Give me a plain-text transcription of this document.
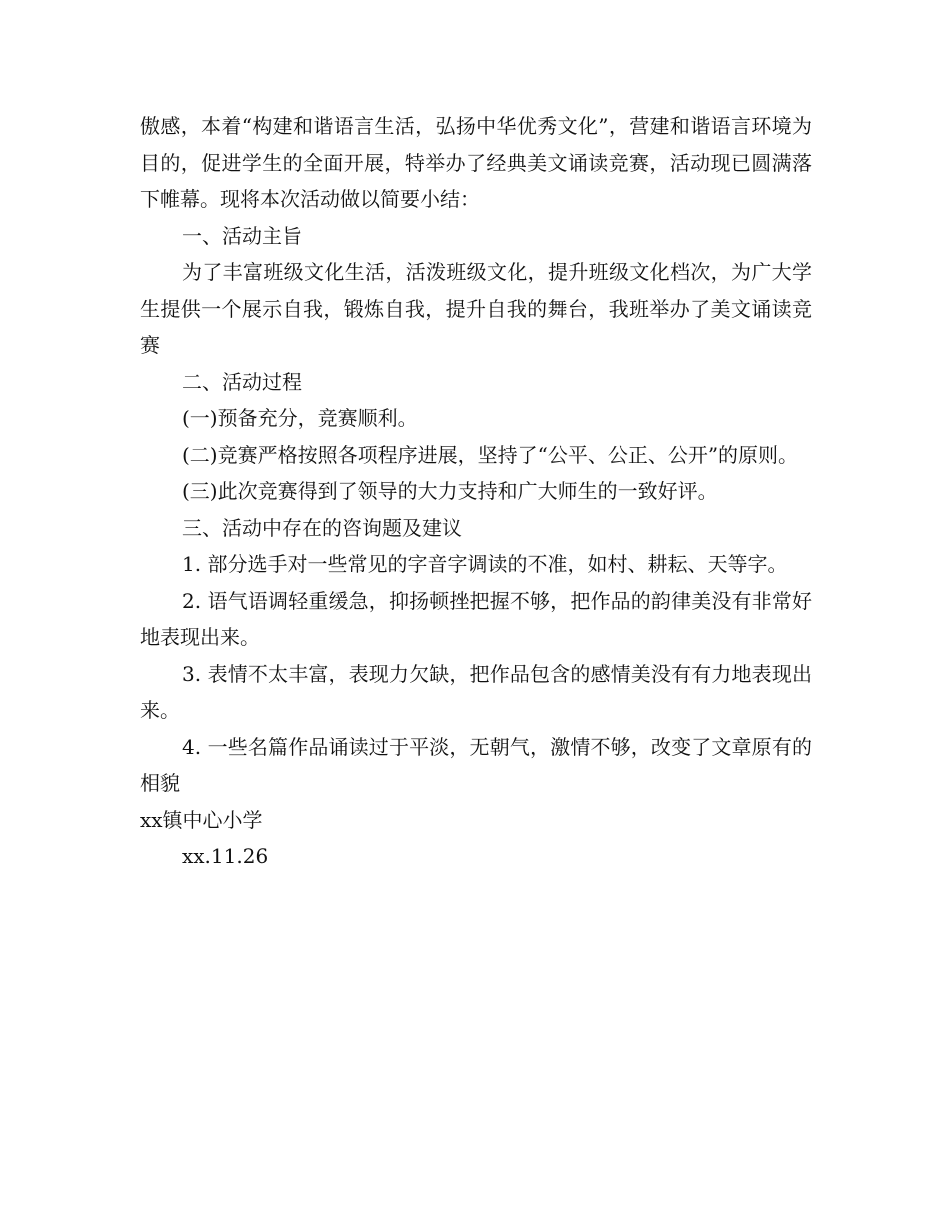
傲感，本着“构建和谐语言生活，弘扬中华优秀文化”，营建和谐语言环境为目的，促进学生的全面开展，特举办了经典美文诵读竞赛，活动现已圆满落下帷幕。现将本次活动做以简要小结：

一、活动主旨

为了丰富班级文化生活，活泼班级文化，提升班级文化档次，为广大学生提供一个展示自我，锻炼自我，提升自我的舞台，我班举办了美文诵读竞赛

二、活动过程

(一)预备充分，竞赛顺利。

(二)竞赛严格按照各项程序进展，坚持了“公平、公正、公开”的原则。

(三)此次竞赛得到了领导的大力支持和广大师生的一致好评。

三、活动中存在的咨询题及建议

1. 部分选手对一些常见的字音字调读的不准，如村、耕耘、天等字。

2. 语气语调轻重缓急，抑扬顿挫把握不够，把作品的韵律美没有非常好地表现出来。

3. 表情不太丰富，表现力欠缺，把作品包含的感情美没有有力地表现出来。

4. 一些名篇作品诵读过于平淡，无朝气，激情不够，改变了文章原有的相貌

xx镇中心小学

xx.11.26
